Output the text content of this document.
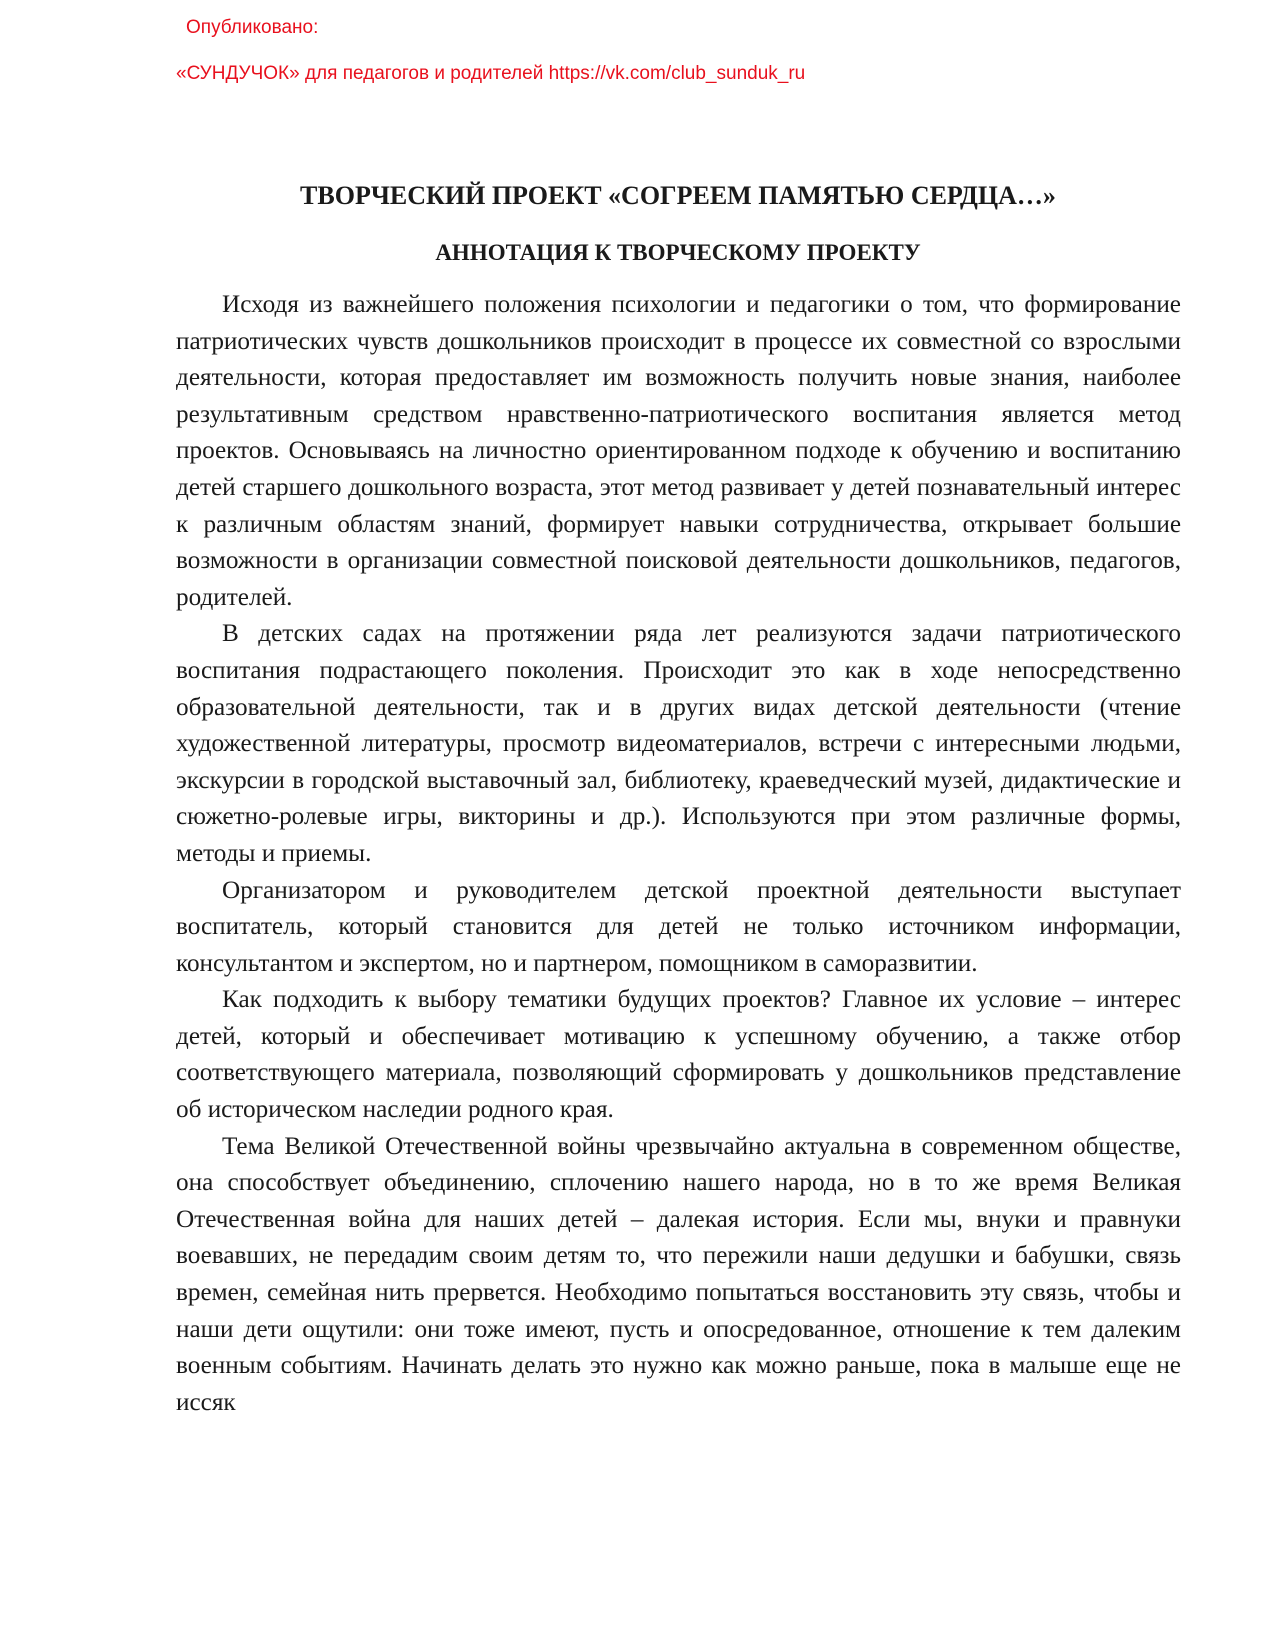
Опубликовано:
«СУНДУЧОК» для педагогов и родителей https://vk.com/club_sunduk_ru
ТВОРЧЕСКИЙ ПРОЕКТ «СОГРЕЕМ ПАМЯТЬЮ СЕРДЦА…»
АННОТАЦИЯ К ТВОРЧЕСКОМУ ПРОЕКТУ

Исходя из важнейшего положения психологии и педагогики о том, что формирование патриотических чувств дошкольников происходит в процессе их совместной со взрослыми деятельности, которая предоставляет им возможность получить новые знания, наиболее результативным средством нравственно-патриотического воспитания является метод проектов. Основываясь на личностно ориентированном подходе к обучению и воспитанию детей старшего дошкольного возраста, этот метод развивает у детей познавательный интерес к различным областям знаний, формирует навыки сотрудничества, открывает большие возможности в организации совместной поисковой деятельности дошкольников, педагогов, родителей.

В детских садах на протяжении ряда лет реализуются задачи патриотического воспитания подрастающего поколения. Происходит это как в ходе непосредственно образовательной деятельности, так и в других видах детской деятельности (чтение художественной литературы, просмотр видеоматериалов, встречи с интересными людьми, экскурсии в городской выставочный зал, библиотеку, краеведческий музей, дидактические и сюжетно-ролевые игры, викторины и др.). Используются при этом различные формы, методы и приемы.

Организатором и руководителем детской проектной деятельности выступает воспитатель, который становится для детей не только источником информации, консультантом и экспертом, но и партнером, помощником в саморазвитии.

Как подходить к выбору тематики будущих проектов? Главное их условие – интерес детей, который и обеспечивает мотивацию к успешному обучению, а также отбор соответствующего материала, позволяющий сформировать у дошкольников представление об историческом наследии родного края.

Тема Великой Отечественной войны чрезвычайно актуальна в современном обществе, она способствует объединению, сплочению нашего народа, но в то же время Великая Отечественная война для наших детей – далекая история. Если мы, внуки и правнуки воевавших, не передадим своим детям то, что пережили наши дедушки и бабушки, связь времен, семейная нить прервется. Необходимо попытаться восстановить эту связь, чтобы и наши дети ощутили: они тоже имеют, пусть и опосредованное, отношение к тем далеким военным событиям. Начинать делать это нужно как можно раньше, пока в малыше еще не иссяк
